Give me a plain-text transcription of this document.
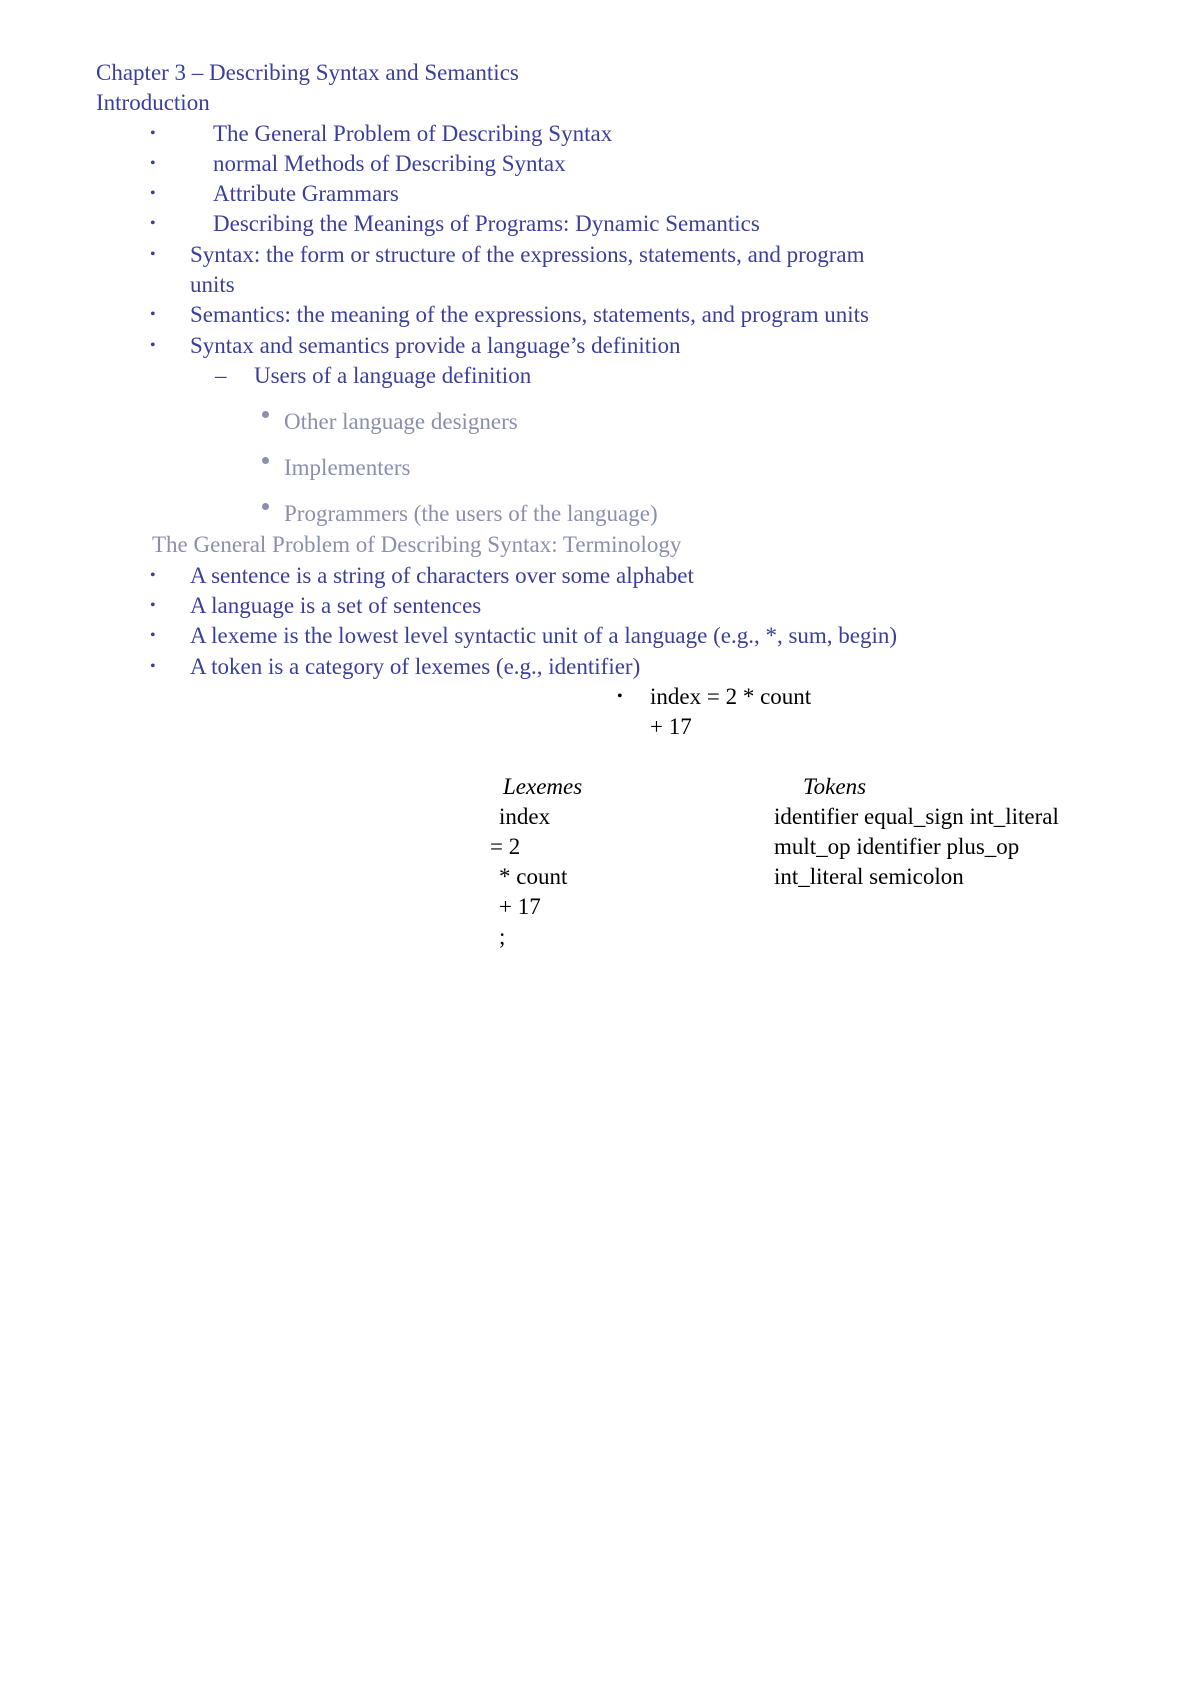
Chapter 3 – Describing Syntax and Semantics
Introduction
• The General Problem of Describing Syntax
• normal Methods of Describing Syntax
• Attribute Grammars
• Describing the Meanings of Programs: Dynamic Semantics
• Syntax: the form or structure of the expressions, statements, and program
units
• Semantics: the meaning of the expressions, statements, and program units
• Syntax and semantics provide a language’s definition
– Users of a language definition
Other language designers
Implementers
Programmers (the users of the language)
The General Problem of Describing Syntax: Terminology
• A sentence is a string of characters over some alphabet
• A language is a set of sentences
• A lexeme is the lowest level syntactic unit of a language (e.g., *, sum, begin)
• A token is a category of lexemes (e.g., identifier)
• index = 2 * count
+ 17
Lexemes	Tokens
index
= 2
* count
+ 17
;
identifier equal_sign int_literal
mult_op identifier plus_op
int_literal semicolon
